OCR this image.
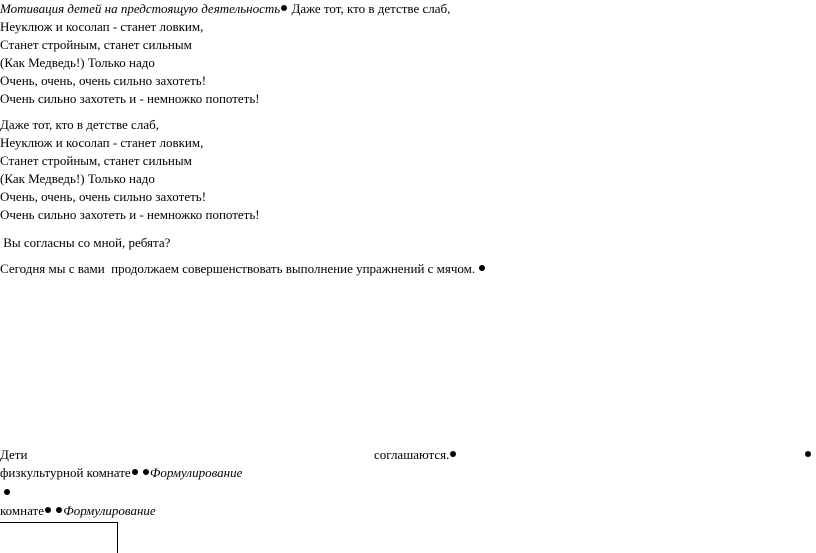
Мотивация детей на предстоящую деятельность Даже тот, кто в детстве слаб,
Неуклюж и косолап - станет ловким,
Станет стройным, станет сильным
(Как Медведь!) Только надо
Очень, очень, очень сильно захотеть!
Очень сильно захотеть и - немножко попотеть!
Даже тот, кто в детстве слаб,
Неуклюж и косолап - станет ловким,
Станет стройным, станет сильным
(Как Медведь!) Только надо
Очень, очень, очень сильно захотеть!
Очень сильно захотеть и - немножко попотеть!
Вы согласны со мной, ребята?
Сегодня мы с вами  продолжаем совершенствовать выполнение упражнений с мячом.
Дети	соглашаются.
физкультурной комнате Формулирование
комнате Формулирование
